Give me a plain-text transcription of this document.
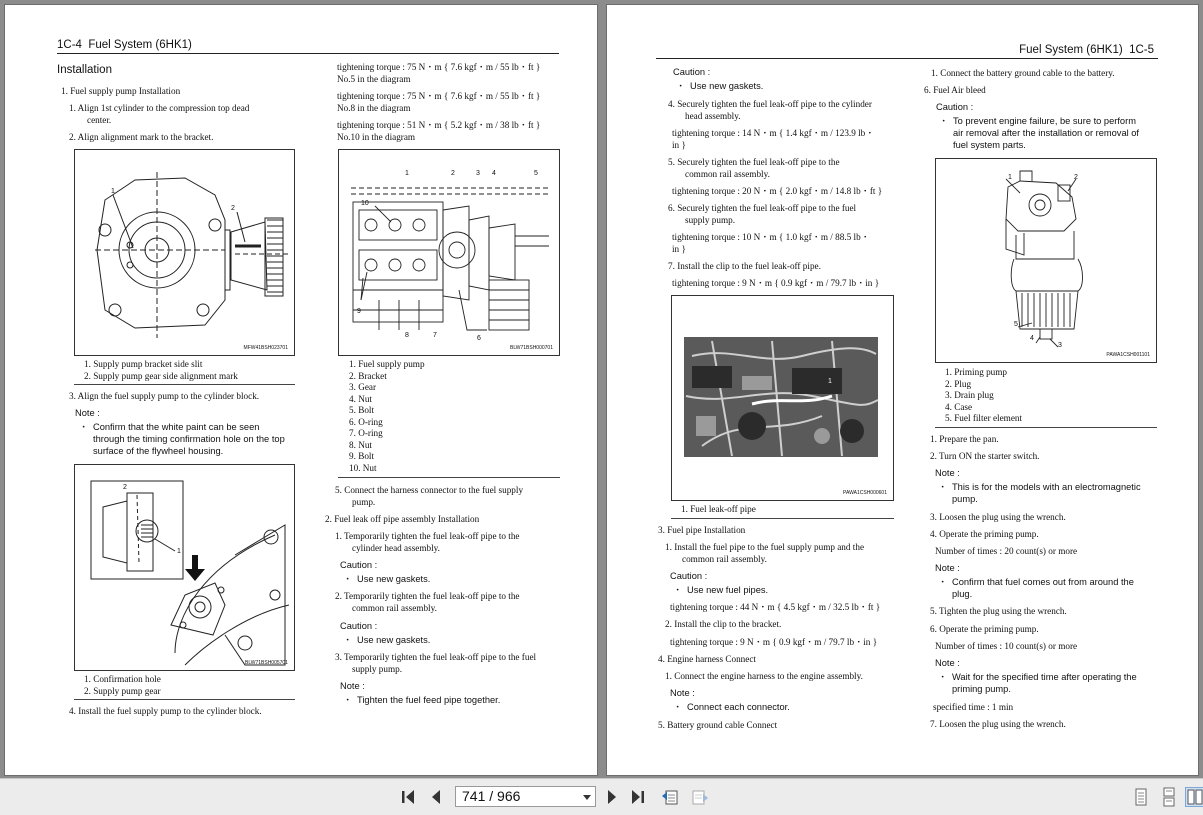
1C-4 Fuel System (6HK1)
Installation
1. Fuel supply pump Installation
1. Align 1st cylinder to the compression top dead
center.
2. Align alignment mark to the bracket.
1
2
MFW41BSH023701
1. Supply pump bracket side slit
2. Supply pump gear side alignment mark
3. Align the fuel supply pump to the cylinder block.
Note :
・ Confirm that the white paint can be seen
through the timing confirmation hole on the top
surface of the flywheel housing.
2
1
BLW71BSH005701
1. Confirmation hole
2. Supply pump gear
4. Install the fuel supply pump to the cylinder block.
tightening torque : 75 N・m { 7.6 kgf・m / 55 lb・ft }
No.5 in the diagram
tightening torque : 75 N・m { 7.6 kgf・m / 55 lb・ft }
No.8 in the diagram
tightening torque : 51 N・m { 5.2 kgf・m / 38 lb・ft }
No.10 in the diagram
1	2	3 4	5
10
9
8	7	6
BLW71BSH000701
1. Fuel supply pump
2. Bracket
3. Gear
4. Nut
5. Bolt
6. O-ring
7. O-ring
8. Nut
9. Bolt
10. Nut
5. Connect the harness connector to the fuel supply
pump.
2. Fuel leak off pipe assembly Installation
1. Temporarily tighten the fuel leak-off pipe to the
cylinder head assembly.
Caution :
・ Use new gaskets.
2. Temporarily tighten the fuel leak-off pipe to the
common rail assembly.
Caution :
・ Use new gaskets.
3. Temporarily tighten the fuel leak-off pipe to the fuel
supply pump.
Note :
・ Tighten the fuel feed pipe together.
Fuel System (6HK1) 1C-5
Caution :
・ Use new gaskets.
4. Securely tighten the fuel leak-off pipe to the cylinder
head assembly.
tightening torque : 14 N・m { 1.4 kgf・m / 123.9 lb・
in }
5. Securely tighten the fuel leak-off pipe to the
common rail assembly.
tightening torque : 20 N・m { 2.0 kgf・m / 14.8 lb・ft }
6. Securely tighten the fuel leak-off pipe to the fuel
supply pump.
tightening torque : 10 N・m { 1.0 kgf・m / 88.5 lb・
in }
7. Install the clip to the fuel leak-off pipe.
tightening torque : 9 N・m { 0.9 kgf・m / 79.7 lb・in }
1
PAWA1CSH000601
1. Fuel leak-off pipe
3. Fuel pipe Installation
1. Install the fuel pipe to the fuel supply pump and the
common rail assembly.
Caution :
・ Use new fuel pipes.
tightening torque : 44 N・m { 4.5 kgf・m / 32.5 lb・ft }
2. Install the clip to the bracket.
tightening torque : 9 N・m { 0.9 kgf・m / 79.7 lb・in }
4. Engine harness Connect
1. Connect the engine harness to the engine assembly.
Note :
・ Connect each connector.
5. Battery ground cable Connect
1. Connect the battery ground cable to the battery.
6. Fuel Air bleed
Caution :
・ To prevent engine failure, be sure to perform
air removal after the installation or removal of
fuel system parts.
1	2
5
4
3
PAWA1CSH001101
1. Priming pump
2. Plug
3. Drain plug
4. Case
5. Fuel filter element
1. Prepare the pan.
2. Turn ON the starter switch.
Note :
・ This is for the models with an electromagnetic
pump.
3. Loosen the plug using the wrench.
4. Operate the priming pump.
Number of times : 20 count(s) or more
Note :
・ Confirm that fuel comes out from around the
plug.
5. Tighten the plug using the wrench.
6. Operate the priming pump.
Number of times : 10 count(s) or more
Note :
・ Wait for the specified time after operating the
priming pump.
specified time : 1 min
7. Loosen the plug using the wrench.
741 / 966
